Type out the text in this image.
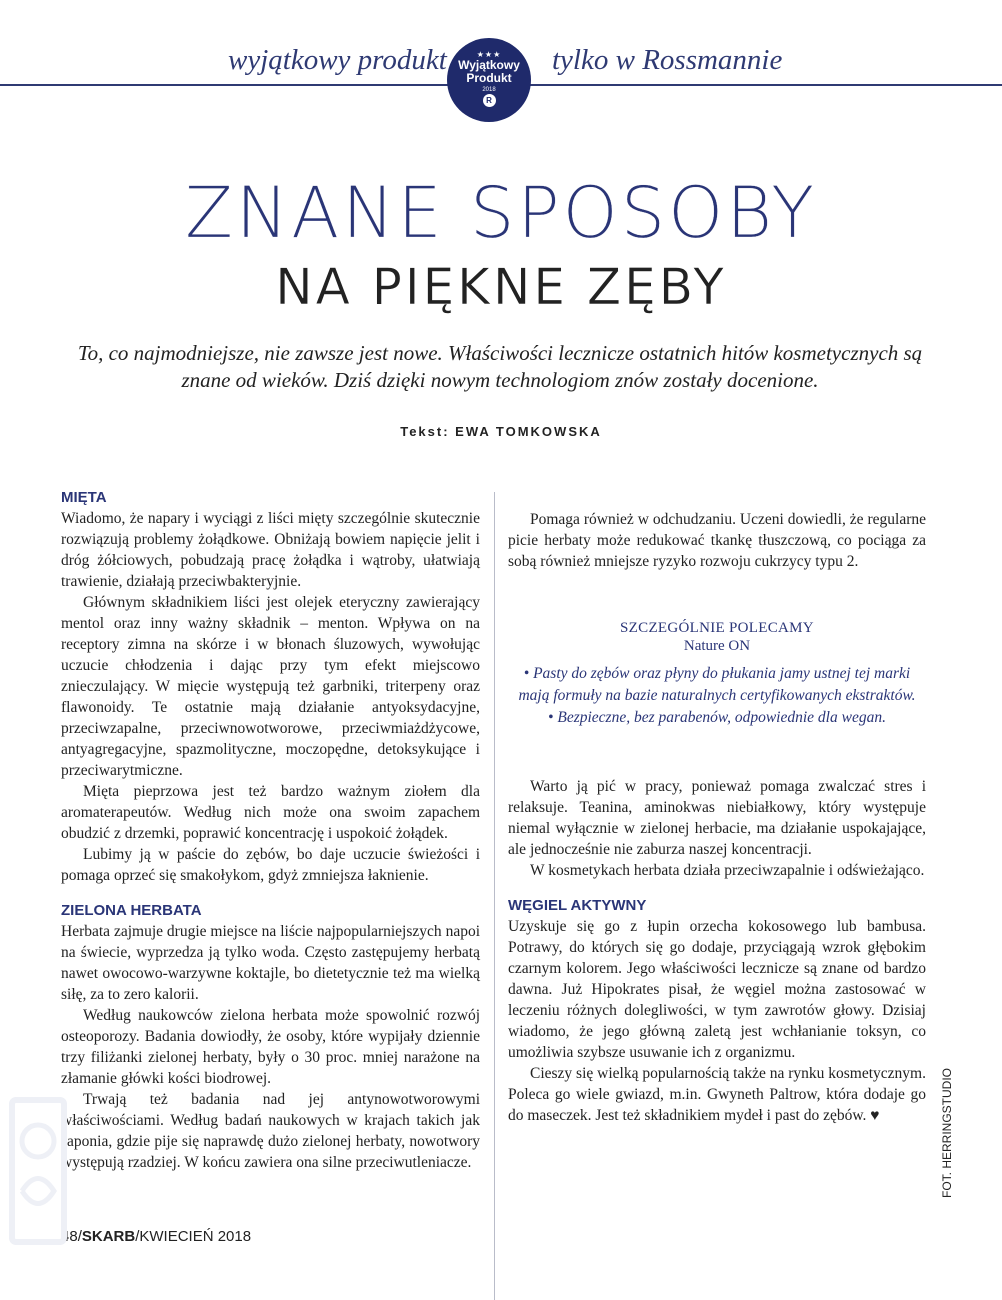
wyjątkowy produkt	tylko w Rossmannie
★★★
Wyjątkowy
Produkt
2018
R
ZNANE SPOSOBY
NA PIĘKNE ZĘBY
To, co najmodniejsze, nie zawsze jest nowe. Właściwości lecznicze ostatnich hitów kosmetycznych są znane od wieków. Dziś dzięki nowym technologiom znów zostały docenione.
Tekst: EWA TOMKOWSKA
MIĘTA

Wiadomo, że napary i wyciągi z liści mięty szczególnie skutecznie rozwiązują problemy żołądkowe. Obniżają bowiem napięcie jelit i dróg żółciowych, pobudzają pracę żołądka i wątroby, ułatwiają trawienie, działają przeciwbakteryjnie.

Głównym składnikiem liści jest olejek eteryczny zawierający mentol oraz inny ważny składnik – menton. Wpływa on na receptory zimna na skórze i w błonach śluzowych, wywołując uczucie chłodzenia i dając przy tym efekt miejscowo znieczulający. W mięcie występują też garbniki, triterpeny oraz flawonoidy. Te ostatnie mają działanie antyoksydacyjne, przeciwzapalne, przeciwnowotworowe, przeciwmiażdżycowe, antyagregacyjne, spazmolityczne, moczopędne, detoksykujące i przeciwarytmiczne.

Mięta pieprzowa jest też bardzo ważnym ziołem dla aromaterapeutów. Według nich może ona swoim zapachem obudzić z drzemki, poprawić koncentrację i uspokoić żołądek.

Lubimy ją w paście do zębów, bo daje uczucie świeżości i pomaga oprzeć się smakołykom, gdyż zmniejsza łaknienie.

ZIELONA HERBATA

Herbata zajmuje drugie miejsce na liście najpopularniejszych napoi na świecie, wyprzedza ją tylko woda. Często zastępujemy herbatą nawet owocowo-warzywne koktajle, bo dietetycznie też ma wielką siłę, za to zero kalorii.

Według naukowców zielona herbata może spowolnić rozwój osteoporozy. Badania dowiodły, że osoby, które wypijały dziennie trzy filiżanki zielonej herbaty, były o 30 proc. mniej narażone na złamanie główki kości biodrowej.

Trwają też badania nad jej antynowotworowymi właściwościami. Według badań naukowych w krajach takich jak Japonia, gdzie pije się naprawdę dużo zielonej herbaty, nowotwory występują rzadziej. W końcu zawiera ona silne przeciwutleniacze.

Pomaga również w odchudzaniu. Uczeni dowiedli, że regularne picie herbaty może redukować tkankę tłuszczową, co pociąga za sobą również mniejsze ryzyko rozwoju cukrzycy typu 2.

SZCZEGÓLNIE POLECAMY
Nature ON
• Pasty do zębów oraz płyny do płukania jamy ustnej tej marki mają formuły na bazie naturalnych certyfikowanych ekstraktów.
• Bezpieczne, bez parabenów, odpowiednie dla wegan.

Warto ją pić w pracy, ponieważ pomaga zwalczać stres i relaksuje. Teanina, aminokwas niebiałkowy, który występuje niemal wyłącznie w zielonej herbacie, ma działanie uspokajające, ale jednocześnie nie zaburza naszej koncentracji.

W kosmetykach herbata działa przeciwzapalnie i odświeżająco.

WĘGIEL AKTYWNY

Uzyskuje się go z łupin orzecha kokosowego lub bambusa. Potrawy, do których się go dodaje, przyciągają wzrok głębokim czarnym kolorem. Jego właściwości lecznicze są znane od bardzo dawna. Już Hipokrates pisał, że węgiel można zastosować w leczeniu różnych dolegliwości, w tym zawrotów głowy. Dzisiaj wiadomo, że jego główną zaletą jest wchłanianie toksyn, co umożliwia szybsze usuwanie ich z organizmu.

Cieszy się wielką popularnością także na rynku kosmetycznym. Poleca go wiele gwiazd, m.in. Gwyneth Paltrow, która dodaje go do maseczek. Jest też składnikiem mydeł i past do zębów. ♥

48/SKARB/KWIECIEŃ 2018
FOT. HERRINGSTUDIO
